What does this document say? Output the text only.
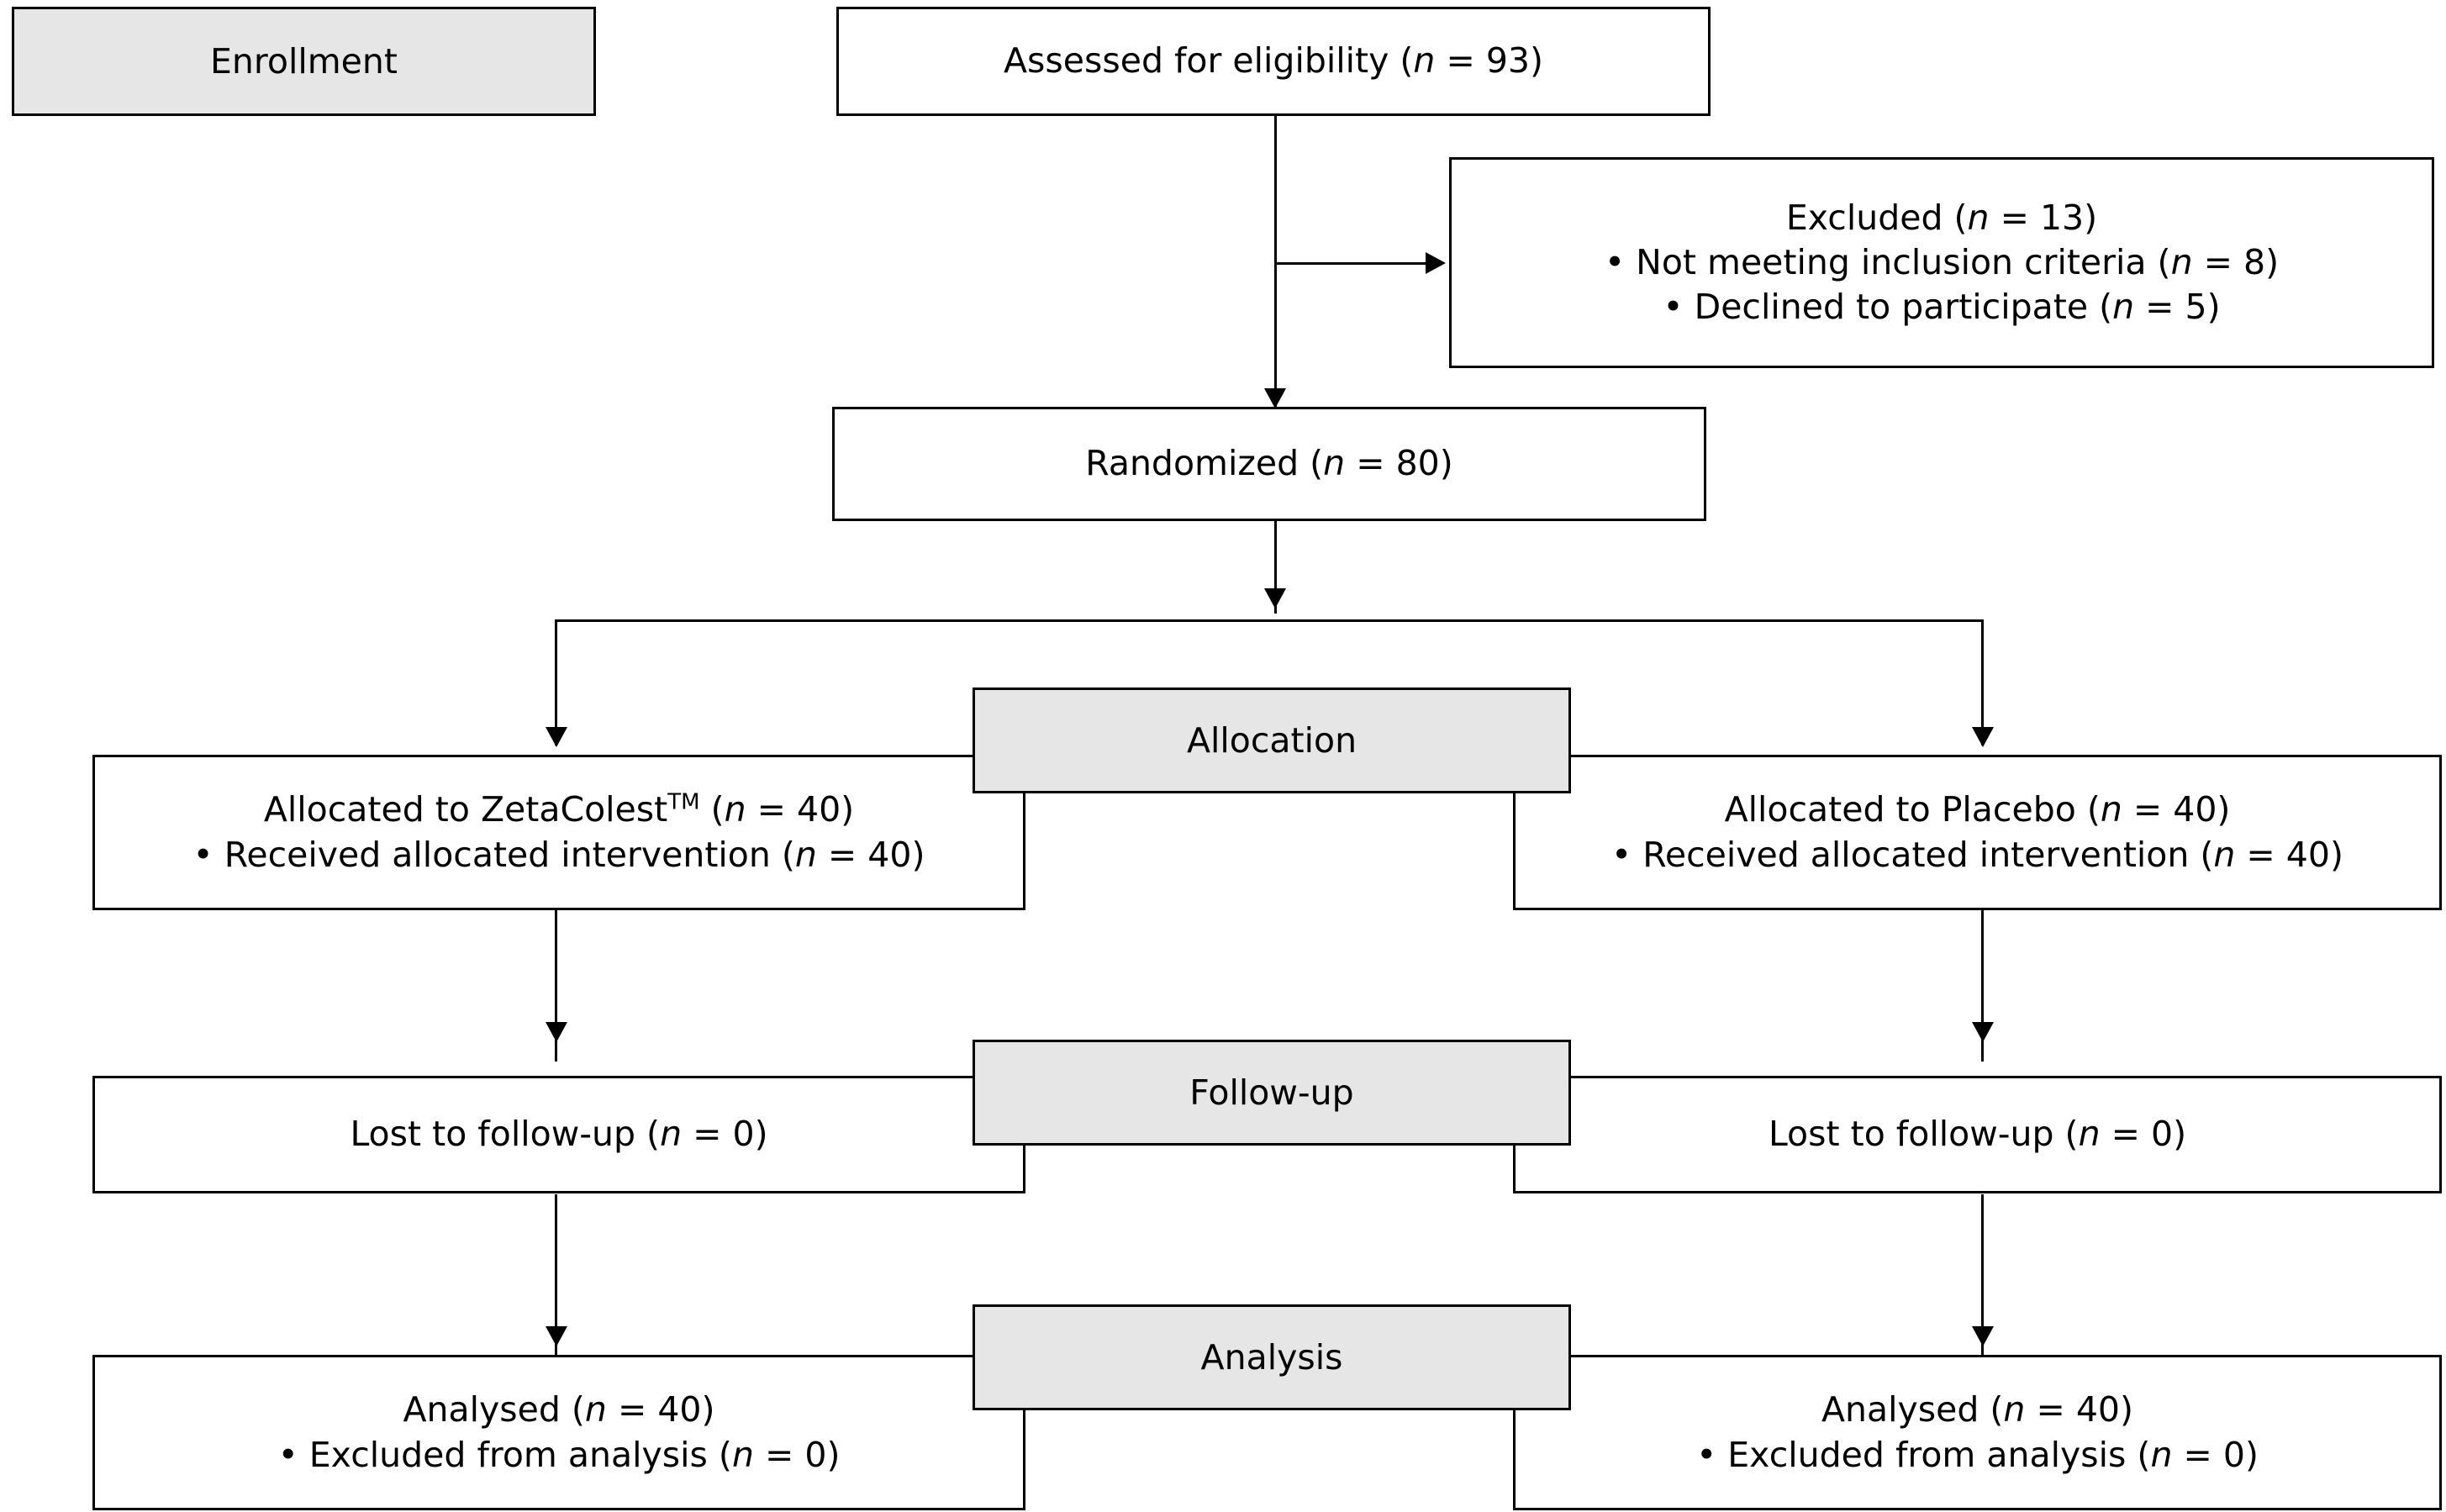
Enrollment	Assessed for eligibility (n = 93)
Excluded (n = 13)
• Not meeting inclusion criteria (n = 8)
• Declined to participate (n = 5)
Randomized (n = 80)
Allocation
Allocated to ZetaColest™ (n = 40)
• Received allocated intervention (n = 40)
Allocated to Placebo (n = 40)
• Received allocated intervention (n = 40)
Follow-up
Lost to follow-up (n = 0)	Lost to follow-up (n = 0)
Analysis
Analysed (n = 40)
• Excluded from analysis (n = 0)
Analysed (n = 40)
• Excluded from analysis (n = 0)
